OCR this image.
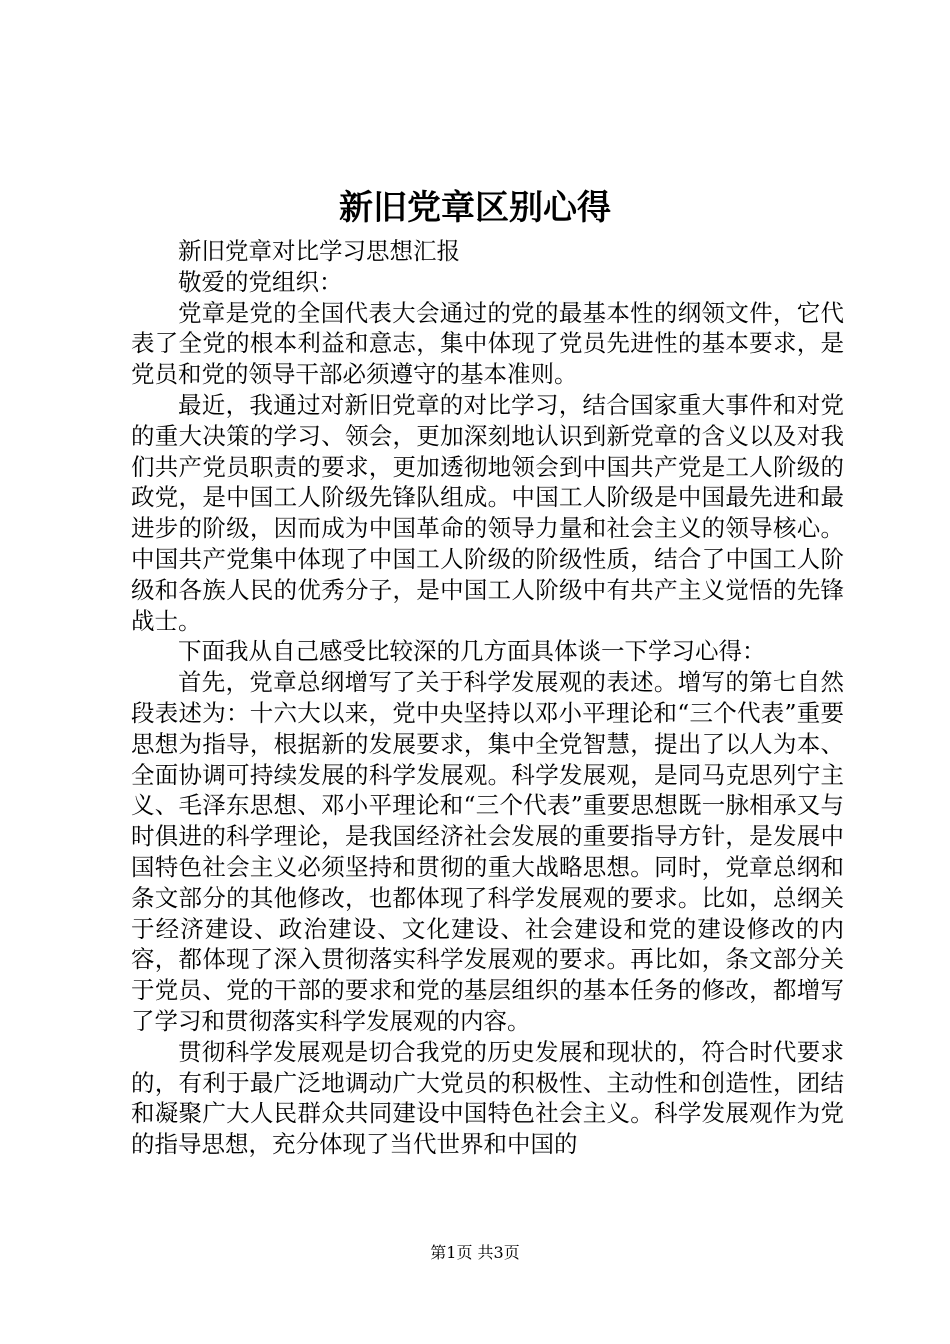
新旧党章区别心得

新旧党章对比学习思想汇报

敬爱的党组织：

党章是党的全国代表大会通过的党的最基本性的纲领文件，它代表了全党的根本利益和意志，集中体现了党员先进性的基本要求，是党员和党的领导干部必须遵守的基本准则。

最近，我通过对新旧党章的对比学习，结合国家重大事件和对党的重大决策的学习、领会，更加深刻地认识到新党章的含义以及对我们共产党员职责的要求，更加透彻地领会到中国共产党是工人阶级的政党，是中国工人阶级先锋队组成。中国工人阶级是中国最先进和最进步的阶级，因而成为中国革命的领导力量和社会主义的领导核心。中国共产党集中体现了中国工人阶级的阶级性质，结合了中国工人阶级和各族人民的优秀分子，是中国工人阶级中有共产主义觉悟的先锋战士。

下面我从自己感受比较深的几方面具体谈一下学习心得：

首先，党章总纲增写了关于科学发展观的表述。增写的第七自然段表述为：十六大以来，党中央坚持以邓小平理论和“三个代表”重要思想为指导，根据新的发展要求，集中全党智慧，提出了以人为本、全面协调可持续发展的科学发展观。科学发展观，是同马克思列宁主义、毛泽东思想、邓小平理论和“三个代表”重要思想既一脉相承又与时俱进的科学理论，是我国经济社会发展的重要指导方针，是发展中国特色社会主义必须坚持和贯彻的重大战略思想。同时，党章总纲和条文部分的其他修改，也都体现了科学发展观的要求。比如，总纲关于经济建设、政治建设、文化建设、社会建设和党的建设修改的内容，都体现了深入贯彻落实科学发展观的要求。再比如，条文部分关于党员、党的干部的要求和党的基层组织的基本任务的修改，都增写了学习和贯彻落实科学发展观的内容。

贯彻科学发展观是切合我党的历史发展和现状的，符合时代要求的，有利于最广泛地调动广大党员的积极性、主动性和创造性，团结和凝聚广大人民群众共同建设中国特色社会主义。科学发展观作为党的指导思想，充分体现了当代世界和中国的

第1页 共3页
